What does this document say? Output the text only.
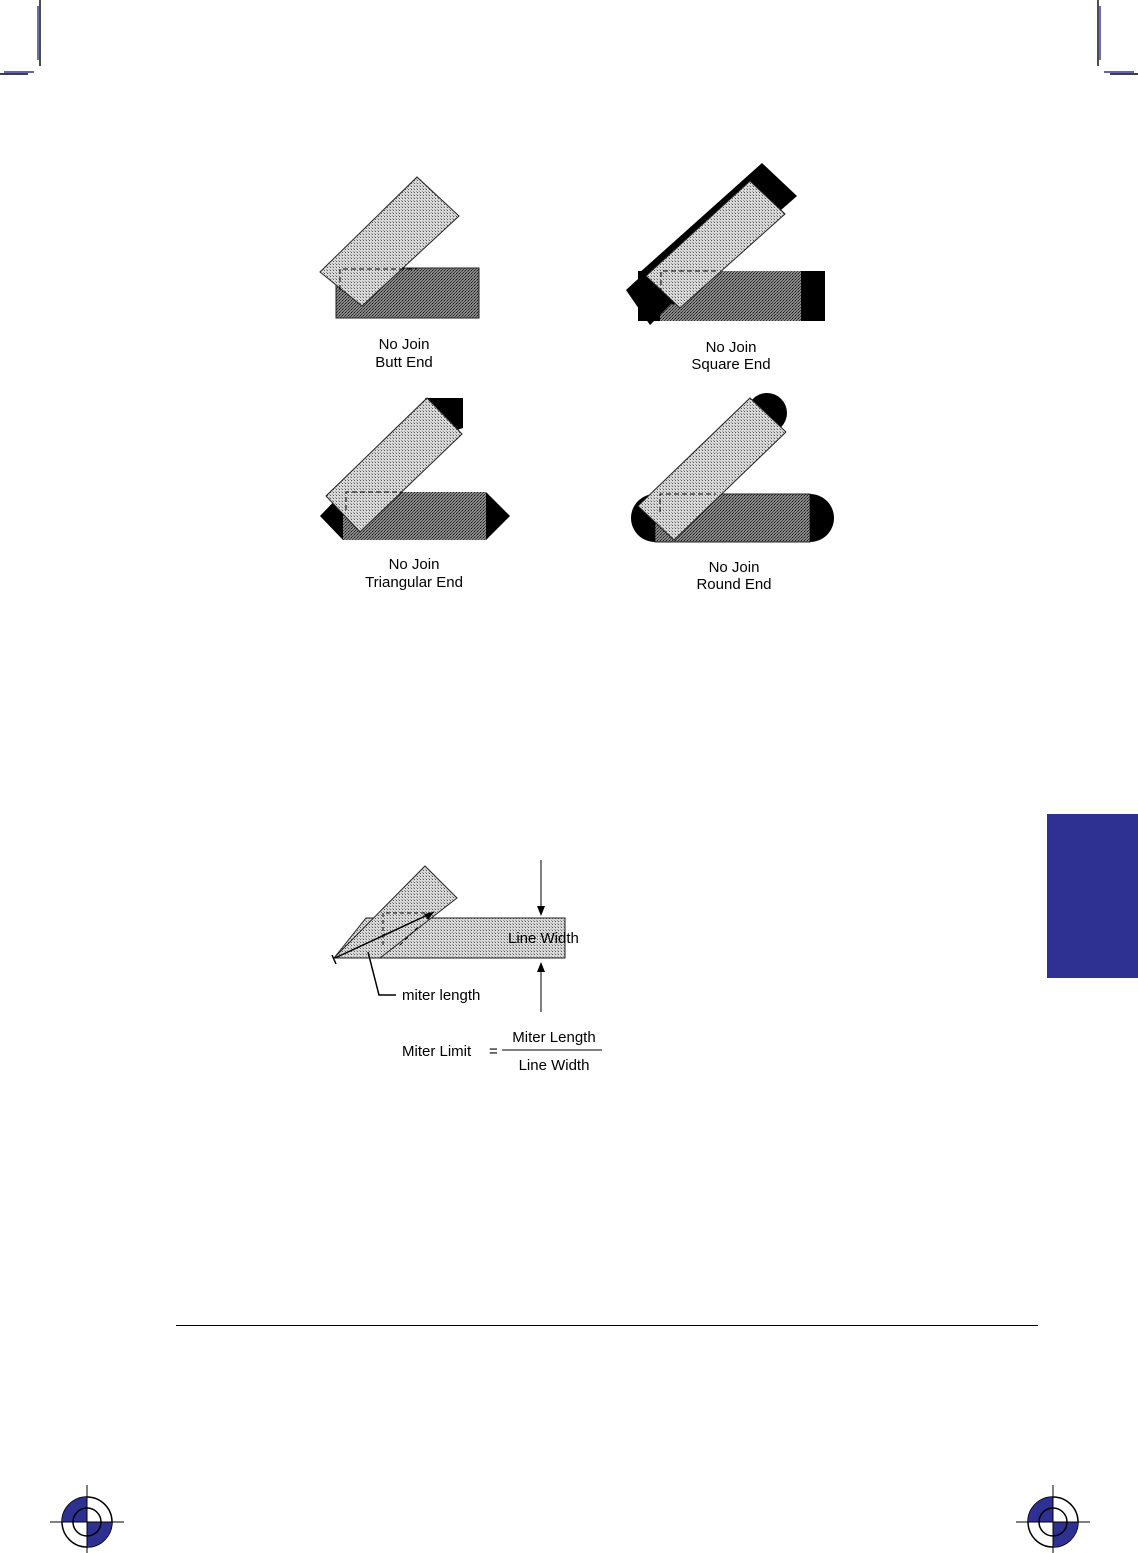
No Join
Butt End
No Join
Square End
No Join
Triangular End
No Join
Round End
Line Width
miter length
Miter Limit =
Miter Length
Line Width
